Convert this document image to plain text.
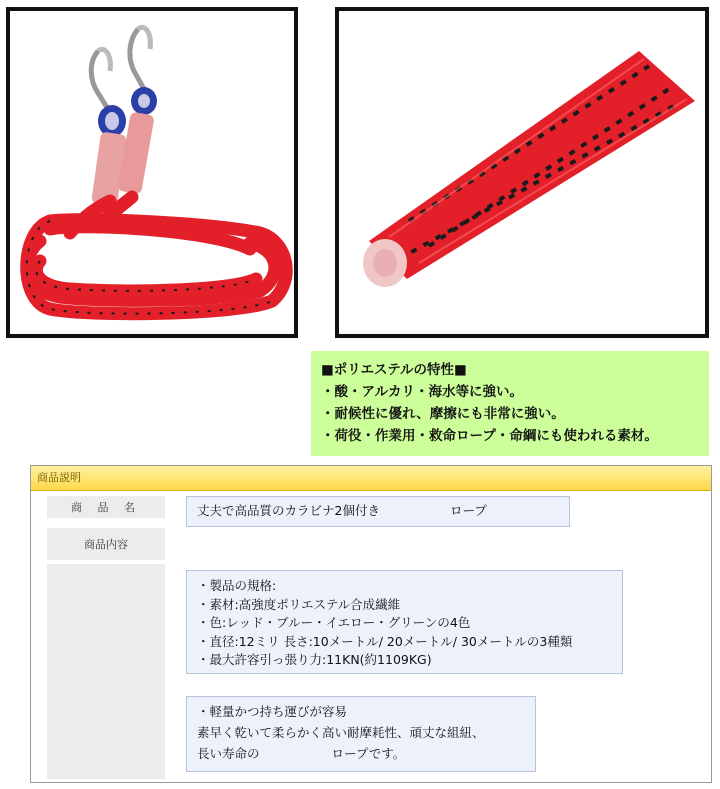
■ポリエステルの特性■
・酸・アルカリ・海水等に強い。
・耐候性に優れ、摩擦にも非常に強い。
・荷役・作業用・救命ロープ・命綱にも使われる素材。
商品説明
商 品 名	丈夫で高品質のカラビナ2個付き	ロープ
商品内容
・製品の規格:
・素材:高強度ポリエステル合成繊維
・色:レッド・ブルー・イエロー・グリーンの4色
・直径:12ミリ 長さ:10メートル/ 20メートル/ 30メートルの3種類
・最大許容引っ張り力:11KN(約1109KG)
・軽量かつ持ち運びが容易
素早く乾いて柔らかく高い耐摩耗性、頑丈な組紐、
長い寿命の	ロープです。
